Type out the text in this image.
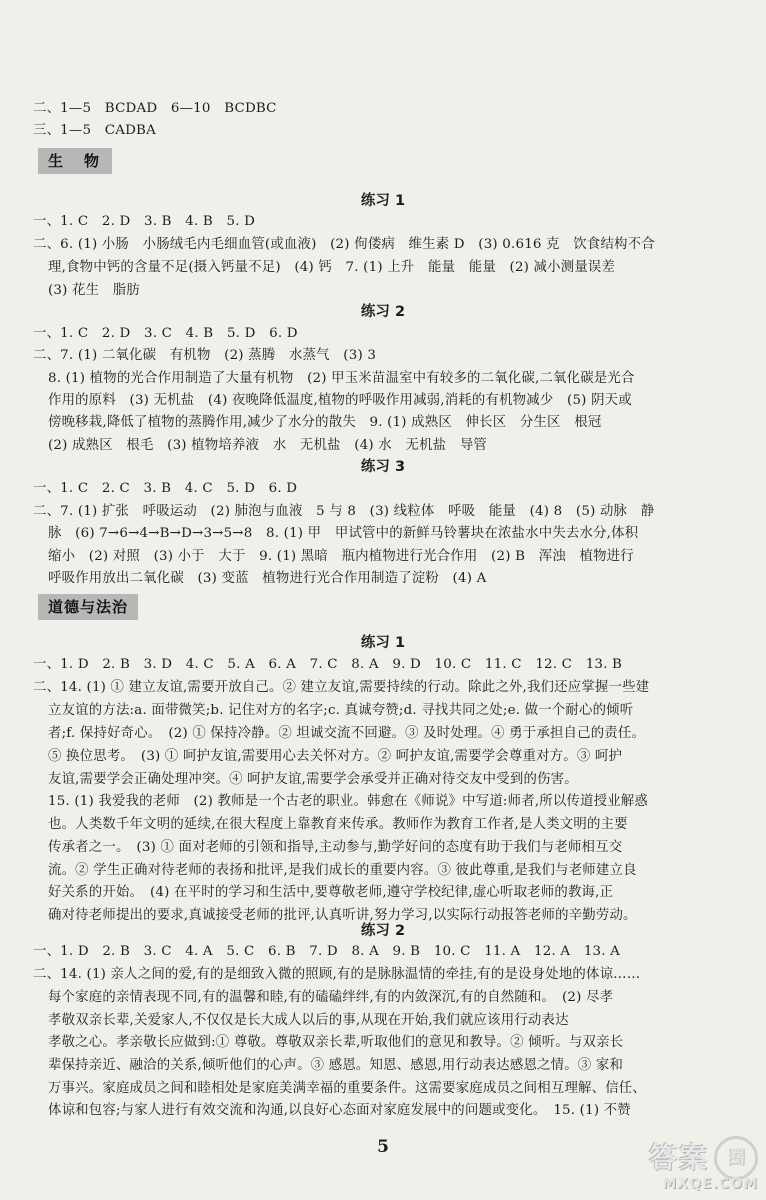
二、1—5　BCDAD　6—10　BCDBC
三、1—5　CADBA
生　物
练习 1
一、1. C　2. D　3. B　4. B　5. D
二、6. (1) 小肠　小肠绒毛内毛细血管(或血液)　(2) 佝偻病　维生素 D　(3) 0.616 克　饮食结构不合
理,食物中钙的含量不足(摄入钙量不足)　(4) 钙　7. (1) 上升　能量　能量　(2) 减小测量误差
(3) 花生　脂肪
练习 2
一、1. C　2. D　3. C　4. B　5. D　6. D
二、7. (1) 二氧化碳　有机物　(2) 蒸腾　水蒸气　(3) 3
8. (1) 植物的光合作用制造了大量有机物　(2) 甲玉米苗温室中有较多的二氧化碳,二氧化碳是光合
作用的原料　(3) 无机盐　(4) 夜晚降低温度,植物的呼吸作用减弱,消耗的有机物减少　(5) 阴天或
傍晚移栽,降低了植物的蒸腾作用,减少了水分的散失　9. (1) 成熟区　伸长区　分生区　根冠
(2) 成熟区　根毛　(3) 植物培养液　水　无机盐　(4) 水　无机盐　导管
练习 3
一、1. C　2. C　3. B　4. C　5. D　6. D
二、7. (1) 扩张　呼吸运动　(2) 肺泡与血液　5 与 8　(3) 线粒体　呼吸　能量　(4) 8　(5) 动脉　静
脉　(6) 7→6→4→B→D→3→5→8　8. (1) 甲　甲试管中的新鲜马铃薯块在浓盐水中失去水分,体积
缩小　(2) 对照　(3) 小于　大于　9. (1) 黑暗　瓶内植物进行光合作用　(2) B　浑浊　植物进行
呼吸作用放出二氧化碳　(3) 变蓝　植物进行光合作用制造了淀粉　(4) A
道德与法治
练习 1
一、1. D　2. B　3. D　4. C　5. A　6. A　7. C　8. A　9. D　10. C　11. C　12. C　13. B
二、14. (1) ① 建立友谊,需要开放自己。② 建立友谊,需要持续的行动。除此之外,我们还应掌握一些建
立友谊的方法:a. 面带微笑;b. 记住对方的名字;c. 真诚夸赞;d. 寻找共同之处;e. 做一个耐心的倾听
者;f. 保持好奇心。　(2) ① 保持冷静。② 坦诚交流不回避。③ 及时处理。④ 勇于承担自己的责任。
⑤ 换位思考。　(3) ① 呵护友谊,需要用心去关怀对方。② 呵护友谊,需要学会尊重对方。③ 呵护
友谊,需要学会正确处理冲突。④ 呵护友谊,需要学会承受并正确对待交友中受到的伤害。
15. (1) 我爱我的老师　(2) 教师是一个古老的职业。韩愈在《师说》中写道:师者,所以传道授业解惑
也。人类数千年文明的延续,在很大程度上靠教育来传承。教师作为教育工作者,是人类文明的主要
传承者之一。　(3) ① 面对老师的引领和指导,主动参与,勤学好问的态度有助于我们与老师相互交
流。② 学生正确对待老师的表扬和批评,是我们成长的重要内容。③ 彼此尊重,是我们与老师建立良
好关系的开始。　(4) 在平时的学习和生活中,要尊敬老师,遵守学校纪律,虚心听取老师的教诲,正
确对待老师提出的要求,真诚接受老师的批评,认真听讲,努力学习,以实际行动报答老师的辛勤劳动。
练习 2
一、1. D　2. B　3. C　4. A　5. C　6. B　7. D　8. A　9. B　10. C　11. A　12. A　13. A
二、14. (1) 亲人之间的爱,有的是细致入微的照顾,有的是脉脉温情的牵挂,有的是设身处地的体谅……
每个家庭的亲情表现不同,有的温馨和睦,有的磕磕绊绊,有的内敛深沉,有的自然随和。　(2) 尽孝
孝敬双亲长辈,关爱家人,不仅仅是长大成人以后的事,从现在开始,我们就应该用行动表达
孝敬之心。孝亲敬长应做到:① 尊敬。尊敬双亲长辈,听取他们的意见和教导。② 倾听。与双亲长
辈保持亲近、融洽的关系,倾听他们的心声。③ 感恩。知恩、感恩,用行动表达感恩之情。③ 家和
万事兴。家庭成员之间和睦相处是家庭美满幸福的重要条件。这需要家庭成员之间相互理解、信任、
体谅和包容;与家人进行有效交流和沟通,以良好心态面对家庭发展中的问题或变化。　15. (1) 不赞
5	答案 圈
MXQE.COM
